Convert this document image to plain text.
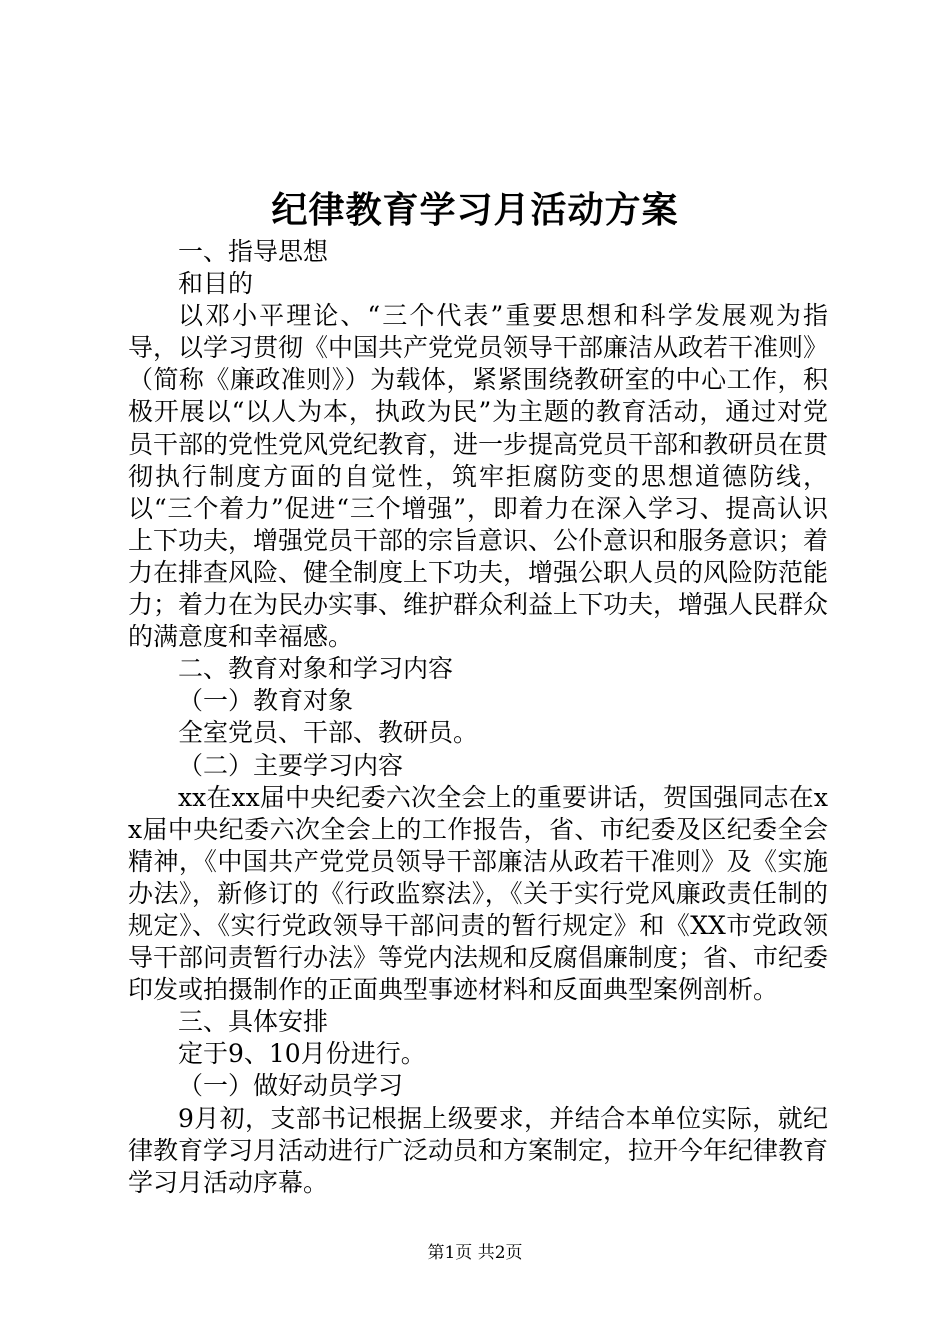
纪律教育学习月活动方案

一、指导思想

和目的

以邓小平理论、“三个代表”重要思想和科学发展观为指导，以学习贯彻《中国共产党党员领导干部廉洁从政若干准则》（简称《廉政准则》）为载体，紧紧围绕教研室的中心工作，积极开展以“以人为本，执政为民”为主题的教育活动，通过对党员干部的党性党风党纪教育，进一步提高党员干部和教研员在贯彻执行制度方面的自觉性，筑牢拒腐防变的思想道德防线，以“三个着力”促进“三个增强”，即着力在深入学习、提高认识上下功夫，增强党员干部的宗旨意识、公仆意识和服务意识；着力在排查风险、健全制度上下功夫，增强公职人员的风险防范能力；着力在为民办实事、维护群众利益上下功夫，增强人民群众的满意度和幸福感。

二、教育对象和学习内容

（一）教育对象

全室党员、干部、教研员。

（二）主要学习内容

xx在xx届中央纪委六次全会上的重要讲话，贺国强同志在xx届中央纪委六次全会上的工作报告，省、市纪委及区纪委全会精神，《中国共产党党员领导干部廉洁从政若干准则》及《实施办法》，新修订的《行政监察法》，《关于实行党风廉政责任制的规定》、《实行党政领导干部问责的暂行规定》和《XX市党政领导干部问责暂行办法》等党内法规和反腐倡廉制度；省、市纪委印发或拍摄制作的正面典型事迹材料和反面典型案例剖析。

三、具体安排

定于9、10月份进行。

（一）做好动员学习

9月初，支部书记根据上级要求，并结合本单位实际，就纪律教育学习月活动进行广泛动员和方案制定，拉开今年纪律教育学习月活动序幕。

第1页 共2页
